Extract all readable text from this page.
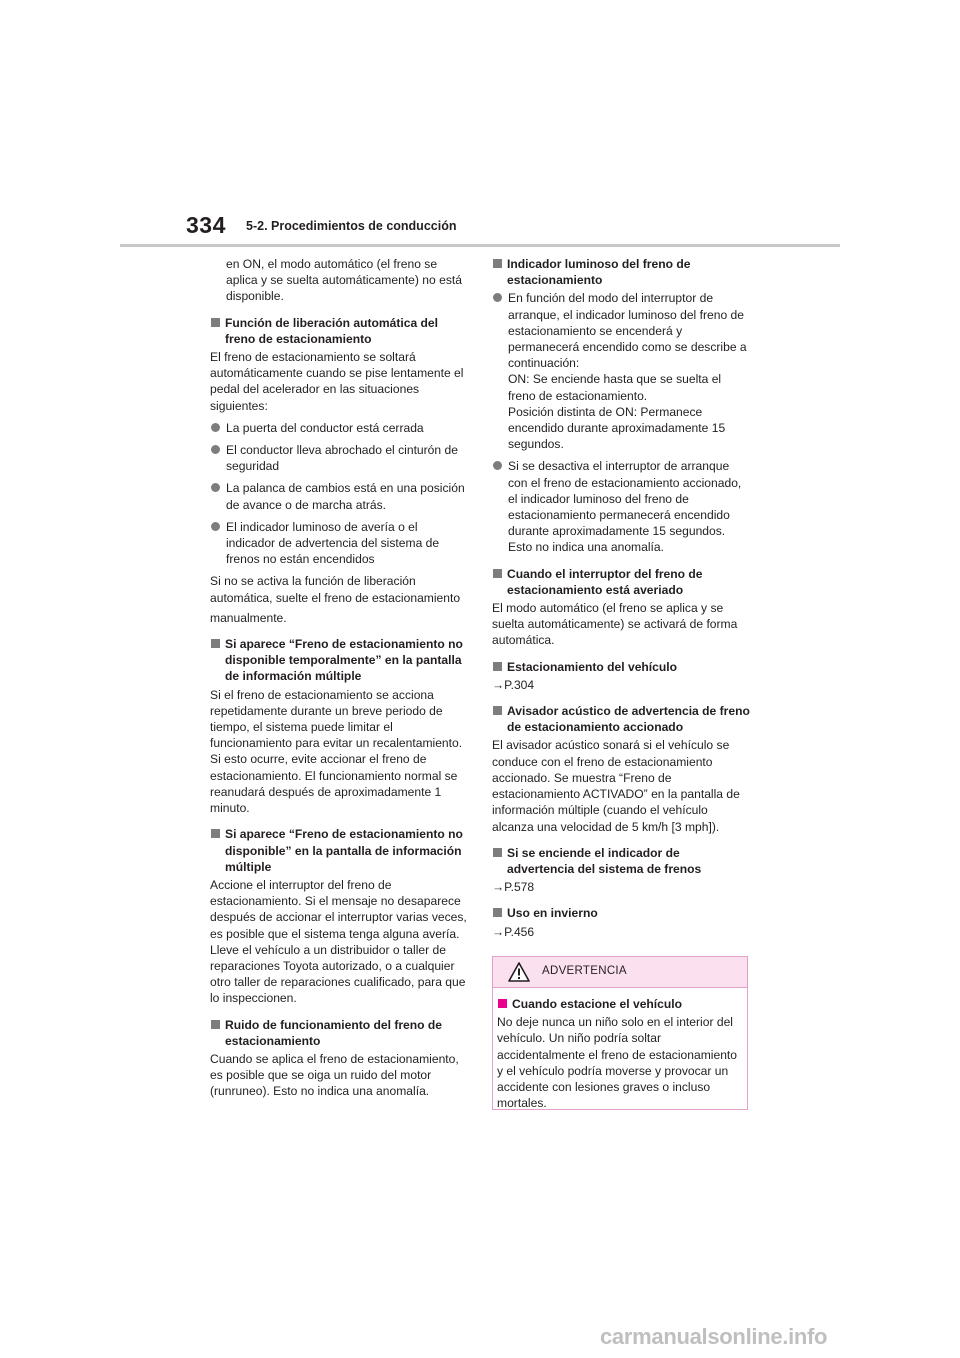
334 5-2. Procedimientos de conducción

en ON, el modo automático (el freno se aplica y se suelta automáticamente) no está disponible.

Función de liberación automática del freno de estacionamiento

El freno de estacionamiento se soltará automáticamente cuando se pise lentamente el pedal del acelerador en las situaciones siguientes:

La puerta del conductor está cerrada
El conductor lleva abrochado el cinturón de seguridad
La palanca de cambios está en una posición de avance o de marcha atrás.
El indicador luminoso de avería o el indicador de advertencia del sistema de frenos no están encendidos

Si no se activa la función de liberación automática, suelte el freno de estacionamiento

manualmente.

Si aparece “Freno de estacionamiento no disponible temporalmente” en la pantalla de información múltiple

Si el freno de estacionamiento se acciona repetidamente durante un breve periodo de tiempo, el sistema puede limitar el funcionamiento para evitar un recalentamiento. Si esto ocurre, evite accionar el freno de estacionamiento. El funcionamiento normal se reanudará después de aproximadamente 1 minuto.

Si aparece “Freno de estacionamiento no disponible” en la pantalla de información múltiple

Accione el interruptor del freno de estacionamiento. Si el mensaje no desaparece después de accionar el interruptor varias veces, es posible que el sistema tenga alguna avería. Lleve el vehículo a un distribuidor o taller de reparaciones Toyota autorizado, o a cualquier otro taller de reparaciones cualificado, para que lo inspeccionen.

Ruido de funcionamiento del freno de estacionamiento

Cuando se aplica el freno de estacionamiento, es posible que se oiga un ruido del motor (runruneo). Esto no indica una anomalía.

Indicador luminoso del freno de estacionamiento
En función del modo del interruptor de arranque, el indicador luminoso del freno de estacionamiento se encenderá y permanecerá encendido como se describe a continuación:
ON: Se enciende hasta que se suelta el freno de estacionamiento.
Posición distinta de ON: Permanece encendido durante aproximadamente 15 segundos.
Si se desactiva el interruptor de arranque con el freno de estacionamiento accionado, el indicador luminoso del freno de estacionamiento permanecerá encendido durante aproximadamente 15 segundos. Esto no indica una anomalía.
Cuando el interruptor del freno de estacionamiento está averiado

El modo automático (el freno se aplica y se suelta automáticamente) se activará de forma automática.

Estacionamiento del vehículo

→P.304

Avisador acústico de advertencia de freno de estacionamiento accionado

El avisador acústico sonará si el vehículo se conduce con el freno de estacionamiento accionado. Se muestra “Freno de estacionamiento ACTIVADO” en la pantalla de información múltiple (cuando el vehículo alcanza una velocidad de 5 km/h [3 mph]).

Si se enciende el indicador de advertencia del sistema de frenos

→P.578

Uso en invierno

→P.456

ADVERTENCIA
Cuando estacione el vehículo

No deje nunca un niño solo en el interior del vehículo. Un niño podría soltar accidentalmente el freno de estacionamiento y el vehículo podría moverse y provocar un accidente con lesiones graves o incluso mortales.

carmanualsonline.info
